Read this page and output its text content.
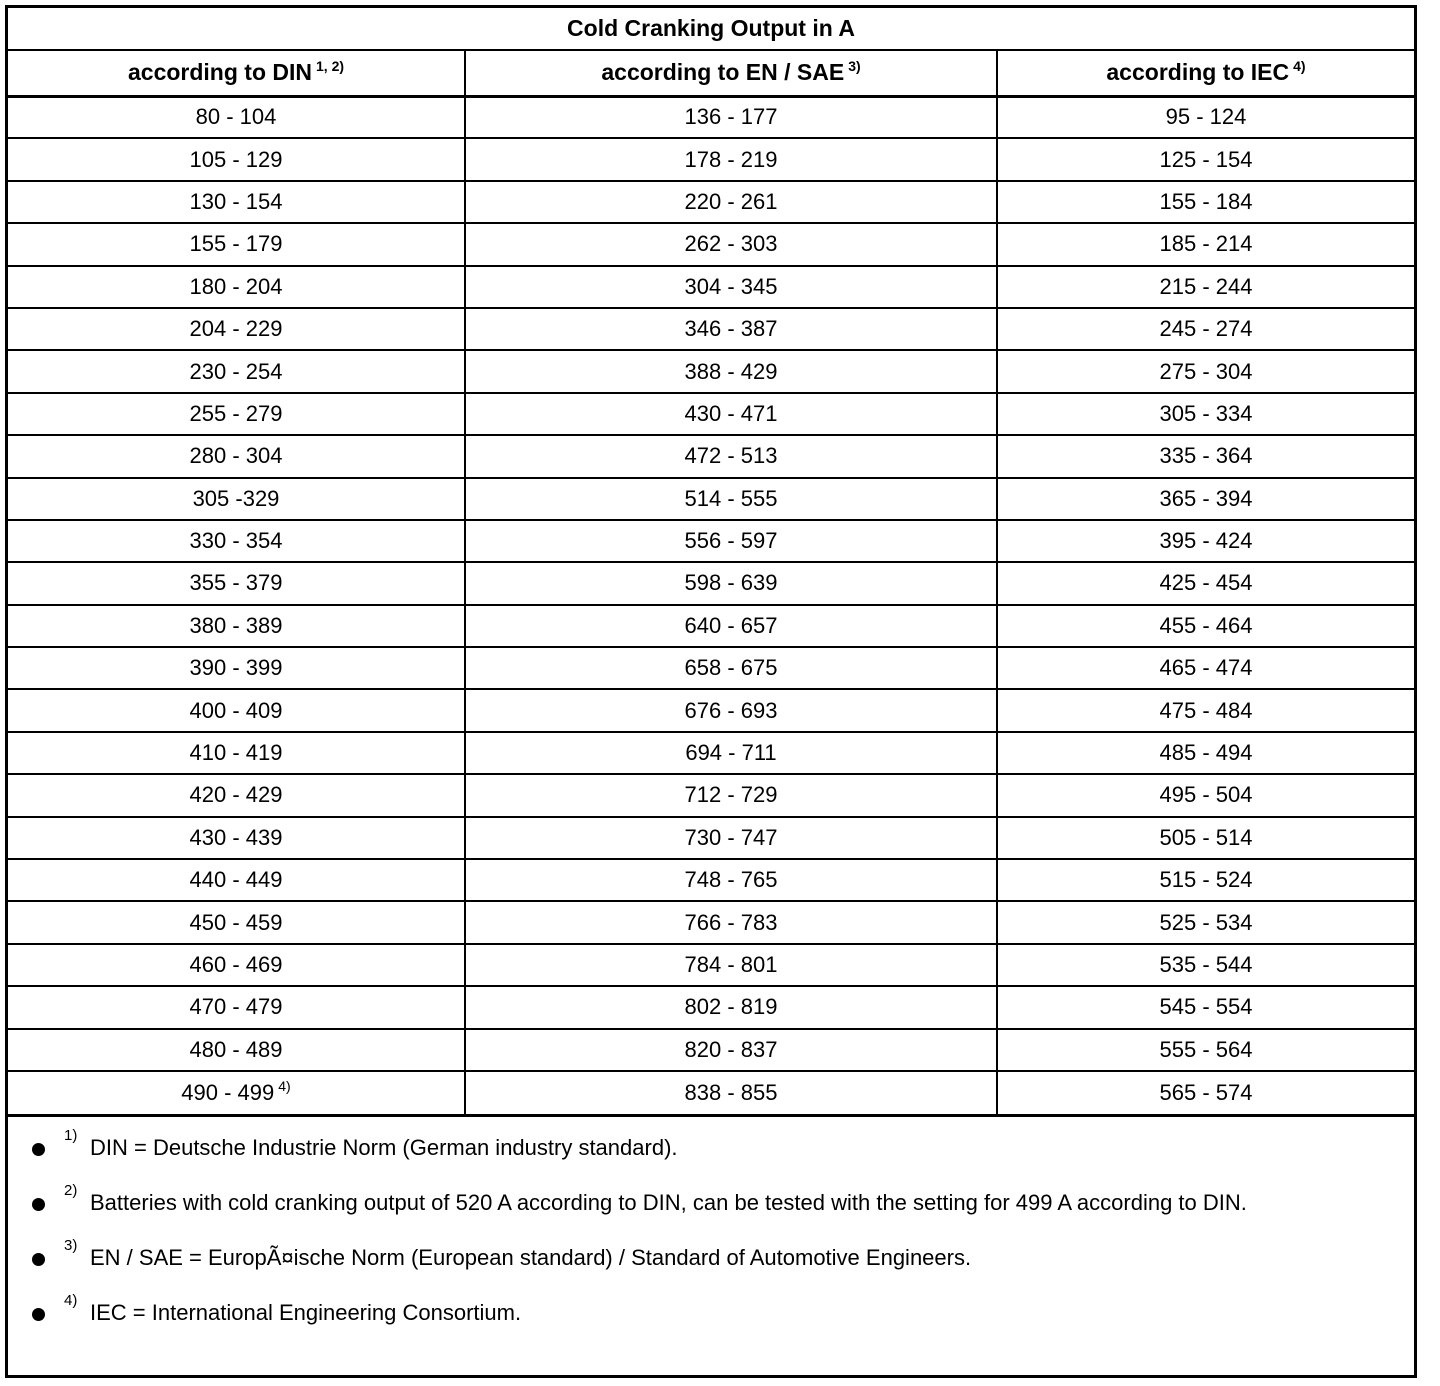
Cold Cranking Output in A		
according to DIN $^{1, 2)}$	according to EN / SAE $^{3)}$	according to IEC $^{4)}$
80 - 104	136 - 177	95 - 124
105 - 129	178 - 219	125 - 154
130 - 154	220 - 261	155 - 184
155 - 179	262 - 303	185 - 214
180 - 204	304 - 345	215 - 244
204 - 229	346 - 387	245 - 274
230 - 254	388 - 429	275 - 304
255 - 279	430 - 471	305 - 334
280 - 304	472 - 513	335 - 364
305 -329	514 - 555	365 - 394
330 - 354	556 - 597	395 - 424
355 - 379	598 - 639	425 - 454
380 - 389	640 - 657	455 - 464
390 - 399	658 - 675	465 - 474
400 - 409	676 - 693	475 - 484
410 - 419	694 - 711	485 - 494
420 - 429	712 - 729	495 - 504
430 - 439	730 - 747	505 - 514
440 - 449	748 - 765	515 - 524
450 - 459	766 - 783	525 - 534
460 - 469	784 - 801	535 - 544
470 - 479	802 - 819	545 - 554
480 - 489	820 - 837	555 - 564
490 - 499 $^{4)}$	838 - 855	565 - 574
1) DIN = Deutsche Industrie Norm (German industry standard).
2) Batteries with cold cranking output of 520 A according to DIN, can be tested with the setting for 499 A according to DIN.
3) EN / SAE = EuropÃ¤ische Norm (European standard) / Standard of Automotive Engineers.
4) IEC = International Engineering Consortium.
